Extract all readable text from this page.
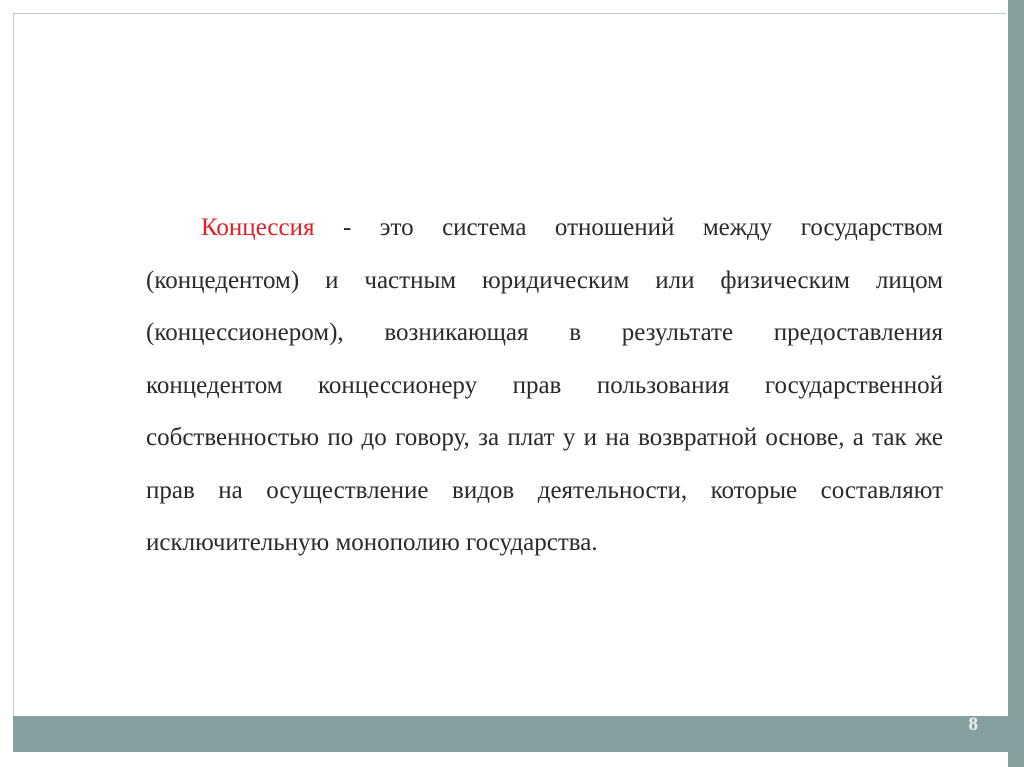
Концессия - это система отношений между государством (концедентом) и частным юридическим или физическим лицом (концессионером), возникающая в результате предоставления концедентом концессионеру прав пользования государственной собственностью по до говору, за плат у и на возвратной основе, а так же прав на осуществление видов деятельности, которые составляют исключительную монополию государства.

8
